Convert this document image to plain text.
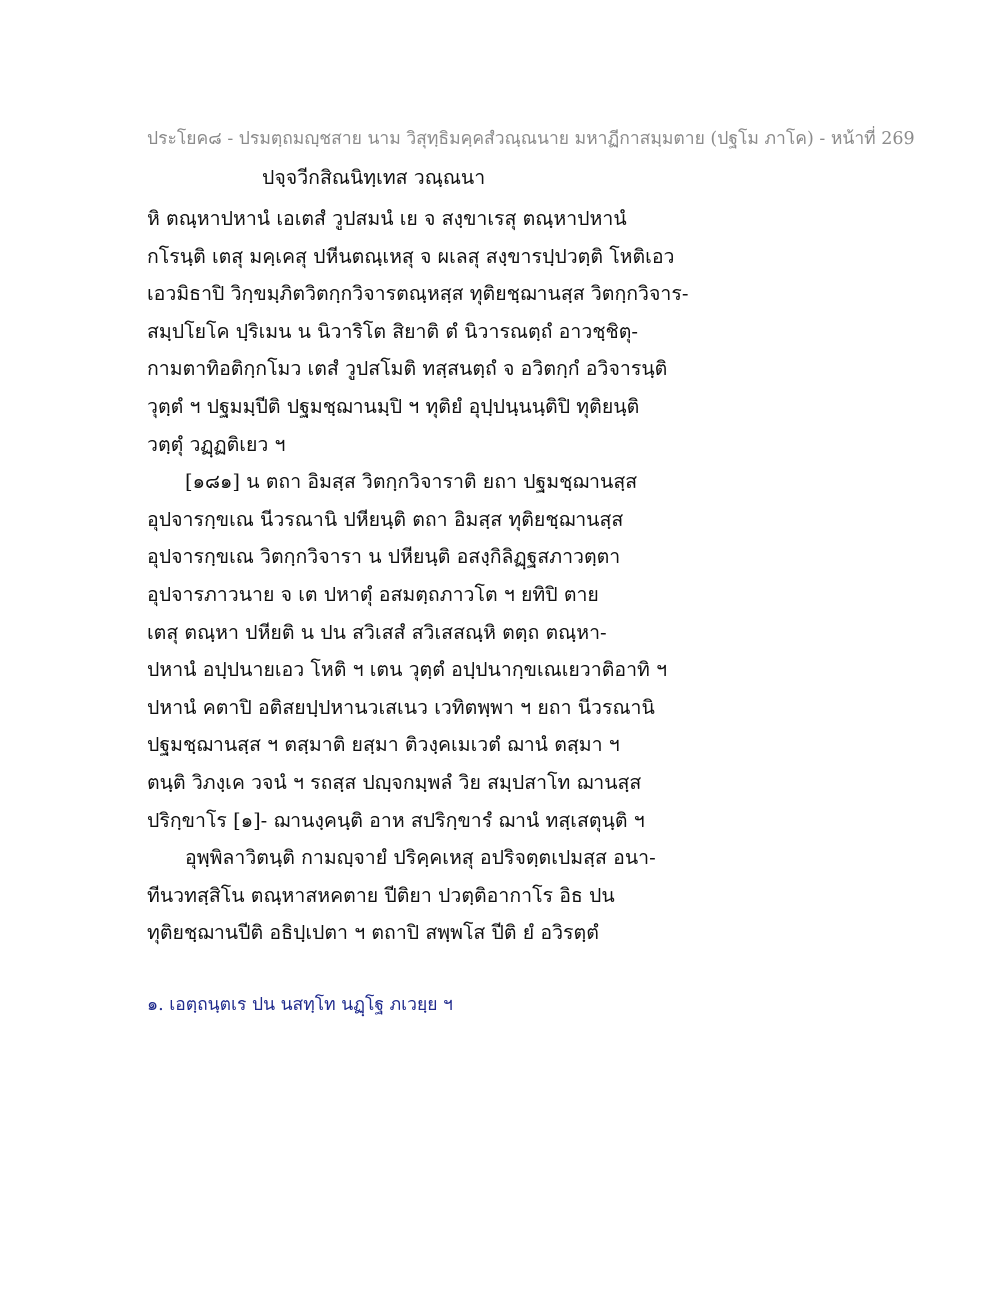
ประโยค๘ - ปรมตฺถมญฺชสาย นาม วิสุทฺธิมคฺคสํวณฺณนาย มหาฏีกาสมฺมตาย (ปฐโม ภาโค) - หน้าที่ 269
ปจฺจวีกสิณนิทฺเทส วณฺณนา
หิ ตณฺหาปหานํ เอเตสํ วูปสมนํ เย จ สงฺขาเรสุ ตณฺหาปหานํ
กโรนฺติ เตสุ มคฺเคสุ ปหีนตณฺเหสุ จ ผเลสุ สงฺขารปฺปวตฺติ โหติเอว
เอวมิธาปิ วิกฺขมฺภิตวิตกฺกวิจารตณฺหสฺส ทุติยชฺฌานสฺส วิตกฺกวิจาร-
สมฺปโยโค ปฺริเมน น นิวาริโต สิยาติ ตํ นิวารณตฺถํ อาวชฺชิตุ-
กามตาทิอติกฺกโมว เตสํ วูปสโมติ ทสฺสนตฺถํ จ อวิตกฺกํ อวิจารนฺติ
วุตฺตํ ฯ ปฐมมฺปีติ ปฐมชฺฌานมฺปิ ฯ ทุติยํ อุปฺปนฺนนฺติปิ ทุติยนฺติ
วตฺตุํ วฏฺฏติเยว ฯ
[๑๘๑] น ตถา อิมสฺส วิตกฺกวิจาราติ ยถา ปฐมชฺฌานสฺส
อุปจารกฺขเณ นีวรณานิ ปหียนฺติ ตถา อิมสฺส ทุติยชฺฌานสฺส
อุปจารกฺขเณ วิตกฺกวิจารา น ปหียนฺติ อสงฺกิลิฏฺฐสภาวตฺตา
อุปจารภาวนาย จ เต ปหาตุํ อสมตฺถภาวโต ฯ ยทิปิ ตาย
เตสุ ตณฺหา ปหียติ น ปน สวิเสสํ สวิเสสณฺหิ ตตฺถ ตณฺหา-
ปหานํ อปฺปนายเอว โหติ ฯ เตน วุตฺตํ อปฺปนากฺขเณเยวาติอาทิ ฯ
ปหานํ คตาปิ อติสยปฺปหานวเสเนว เวทิตพฺพา ฯ ยถา นีวรณานิ
ปฐมชฺฌานสฺส ฯ ตสฺมาติ ยสฺมา ติวงฺคเมเวตํ ฌานํ ตสฺมา ฯ
ตนฺติ วิภงฺเค วจนํ ฯ รถสฺส ปญฺจกมฺพลํ วิย สมฺปสาโท ฌานสฺส
ปริกฺขาโร [๑]- ฌานงฺคนฺติ อาห สปริกฺขารํ ฌานํ ทสฺเสตุนฺติ ฯ
อุพฺพิลาวิตนฺติ กามญฺจายํ ปริคฺคเหสุ อปริจตฺตเปมสฺส อนา-
ทีนวทสฺสิโน ตณฺหาสหคตาย ปีติยา ปวตฺติอากาโร อิธ ปน
ทุติยชฺฌานปีติ อธิปฺเปตา ฯ ตถาปิ สพฺพโส ปีติ ยํ อวิรตฺตํ
๑. เอตฺถนฺตเร ปน นสทฺโท นฏฺโฐ ภเวยฺย ฯ
